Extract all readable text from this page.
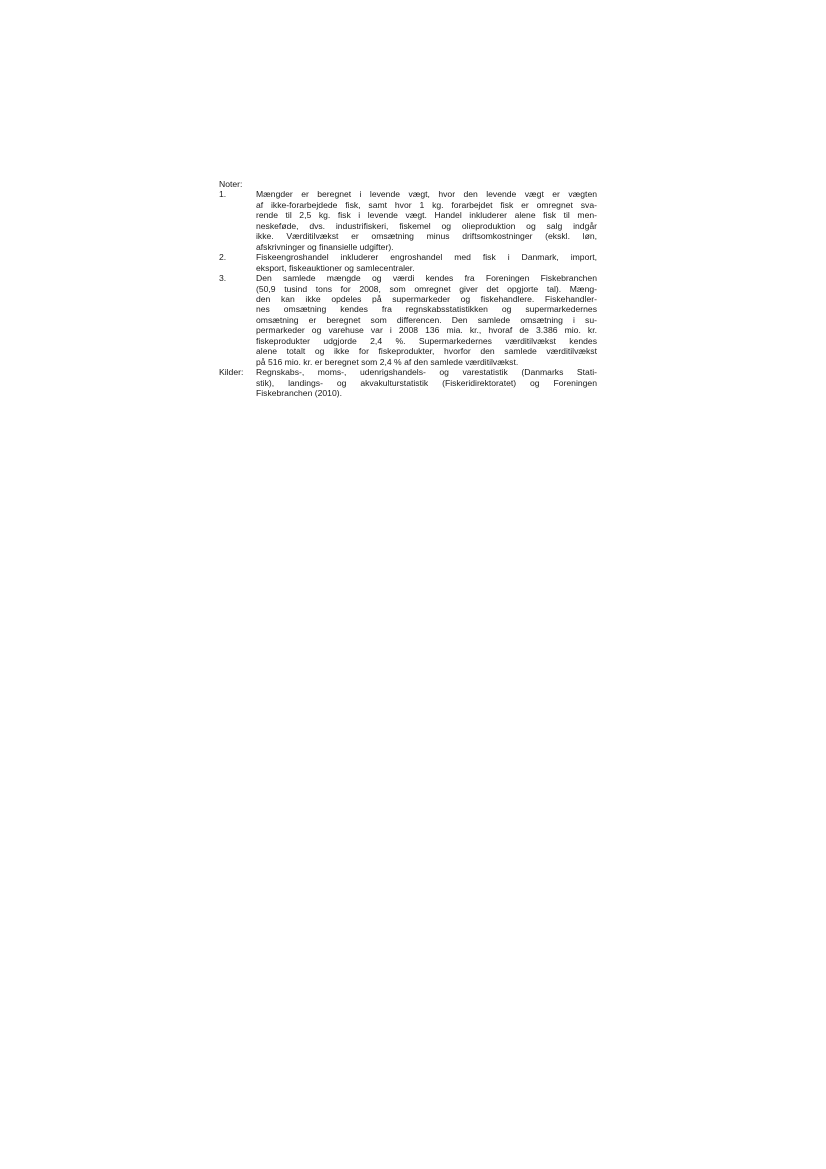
Noter:
1.	Mængder er beregnet i levende vægt, hvor den levende vægt er vægten
af ikke-forarbejdede fisk, samt hvor 1 kg. forarbejdet fisk er omregnet sva-
rende til 2,5 kg. fisk i levende vægt. Handel inkluderer alene fisk til men-
neskeføde, dvs. industrifiskeri, fiskemel og olieproduktion og salg indgår
ikke. Værditilvækst er omsætning minus driftsomkostninger (ekskl. løn,
afskrivninger og finansielle udgifter).
2.	Fiskeengroshandel inkluderer engroshandel med fisk i Danmark, import,
eksport, fiskeauktioner og samlecentraler.
3.	Den samlede mængde og værdi kendes fra Foreningen Fiskebranchen
(50,9 tusind tons for 2008, som omregnet giver det opgjorte tal). Mæng-
den kan ikke opdeles på supermarkeder og fiskehandlere. Fiskehandler-
nes omsætning kendes fra regnskabsstatistikken og supermarkedernes
omsætning er beregnet som differencen. Den samlede omsætning i su-
permarkeder og varehuse var i 2008 136 mia. kr., hvoraf de 3.386 mio. kr.
fiskeprodukter udgjorde 2,4 %. Supermarkedernes værditilvækst kendes
alene totalt og ikke for fiskeprodukter, hvorfor den samlede værditilvækst
på 516 mio. kr. er beregnet som 2,4 % af den samlede værditilvækst.
Kilder:	Regnskabs-, moms-, udenrigshandels- og varestatistik (Danmarks Stati-
stik), landings- og akvakulturstatistik (Fiskeridirektoratet) og Foreningen
Fiskebranchen (2010).
